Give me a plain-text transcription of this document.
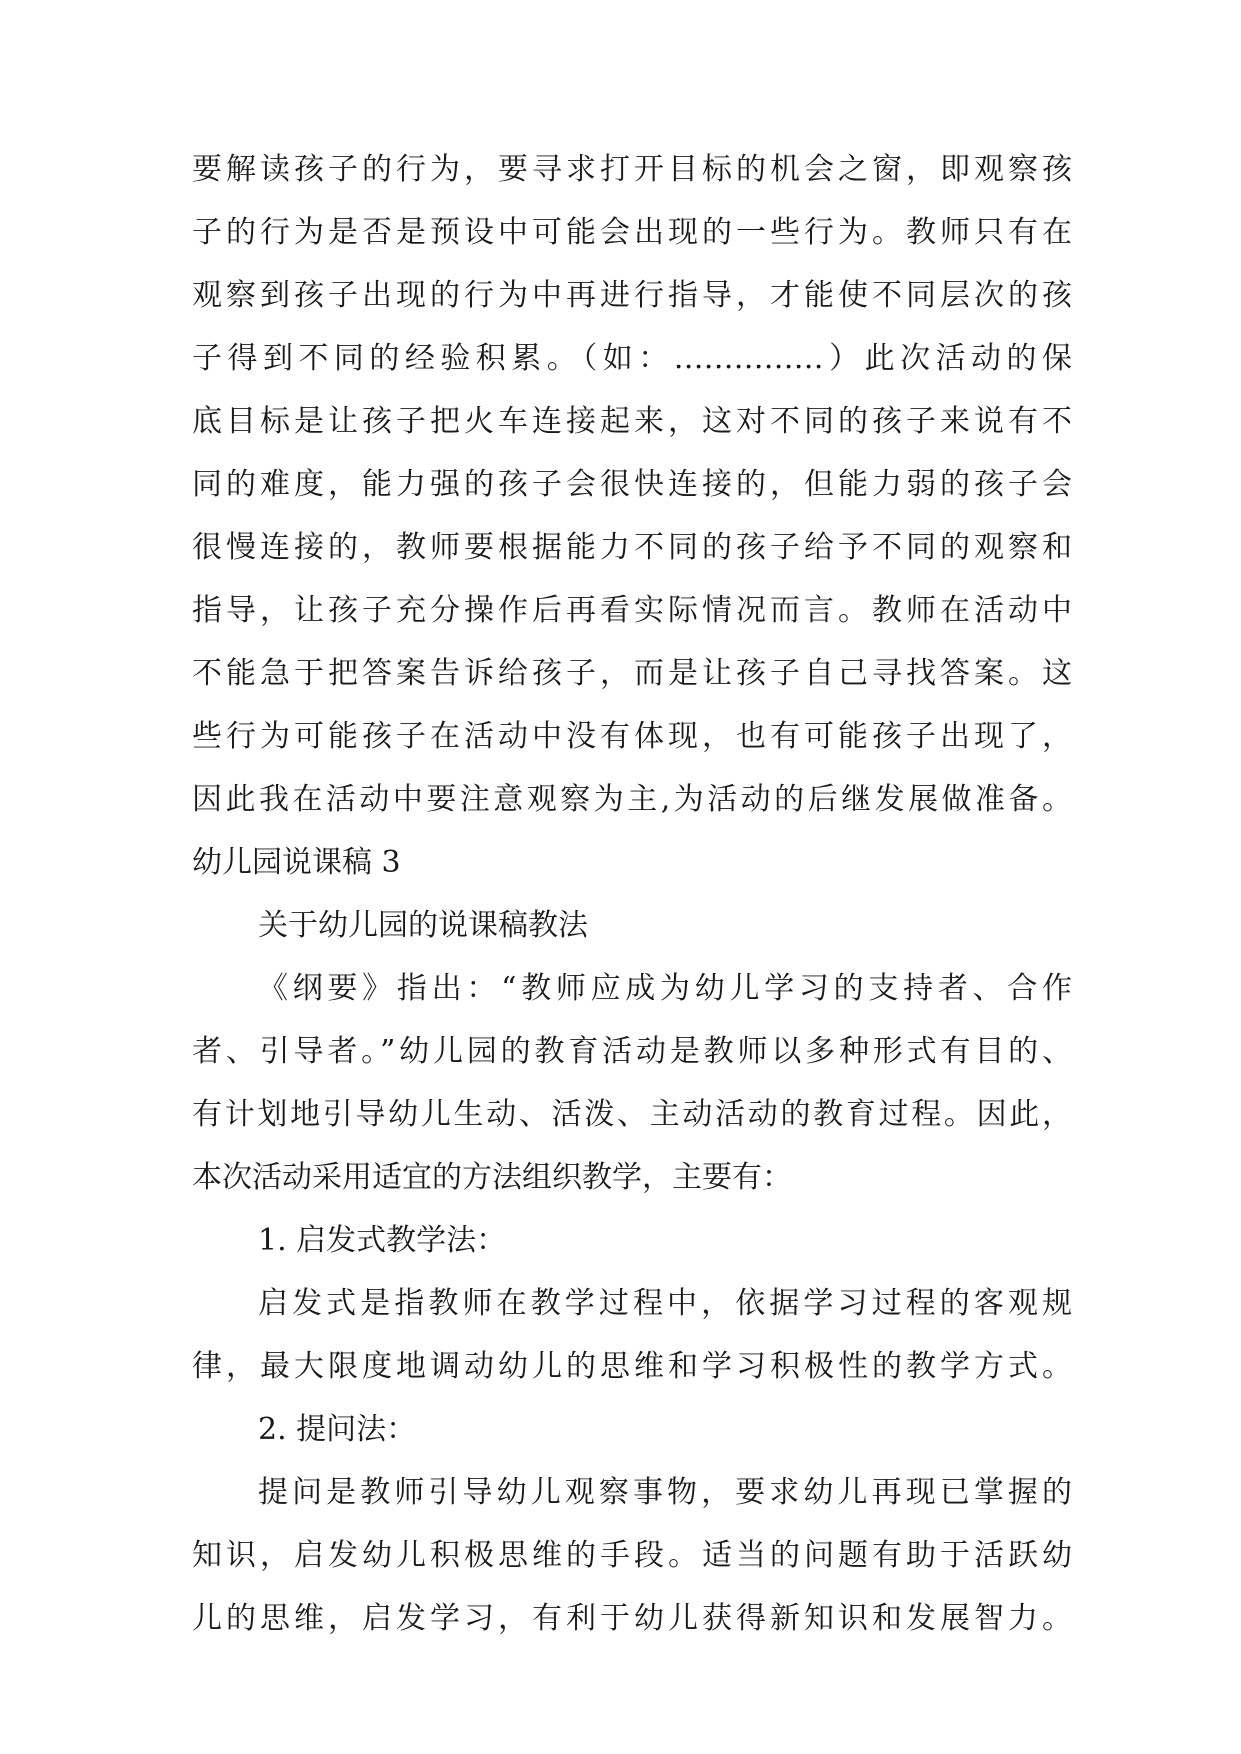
要解读孩子的行为，要寻求打开目标的机会之窗，即观察孩
子的行为是否是预设中可能会出现的一些行为。教师只有在
观察到孩子出现的行为中再进行指导，才能使不同层次的孩
子得到不同的经验积累。（如：……………）此次活动的保
底目标是让孩子把火车连接起来，这对不同的孩子来说有不
同的难度，能力强的孩子会很快连接的，但能力弱的孩子会
很慢连接的，教师要根据能力不同的孩子给予不同的观察和
指导，让孩子充分操作后再看实际情况而言。教师在活动中
不能急于把答案告诉给孩子，而是让孩子自己寻找答案。这
些行为可能孩子在活动中没有体现，也有可能孩子出现了，
因此我在活动中要注意观察为主,为活动的后继发展做准备。
幼儿园说课稿 3
关于幼儿园的说课稿教法
《纲要》指出：“教师应成为幼儿学习的支持者、合作
者、引导者。”幼儿园的教育活动是教师以多种形式有目的、
有计划地引导幼儿生动、活泼、主动活动的教育过程。因此，
本次活动采用适宜的方法组织教学，主要有：
1. 启发式教学法：
启发式是指教师在教学过程中，依据学习过程的客观规
律，最大限度地调动幼儿的思维和学习积极性的教学方式。
2. 提问法：
提问是教师引导幼儿观察事物，要求幼儿再现已掌握的
知识，启发幼儿积极思维的手段。适当的问题有助于活跃幼
儿的思维，启发学习，有利于幼儿获得新知识和发展智力。
